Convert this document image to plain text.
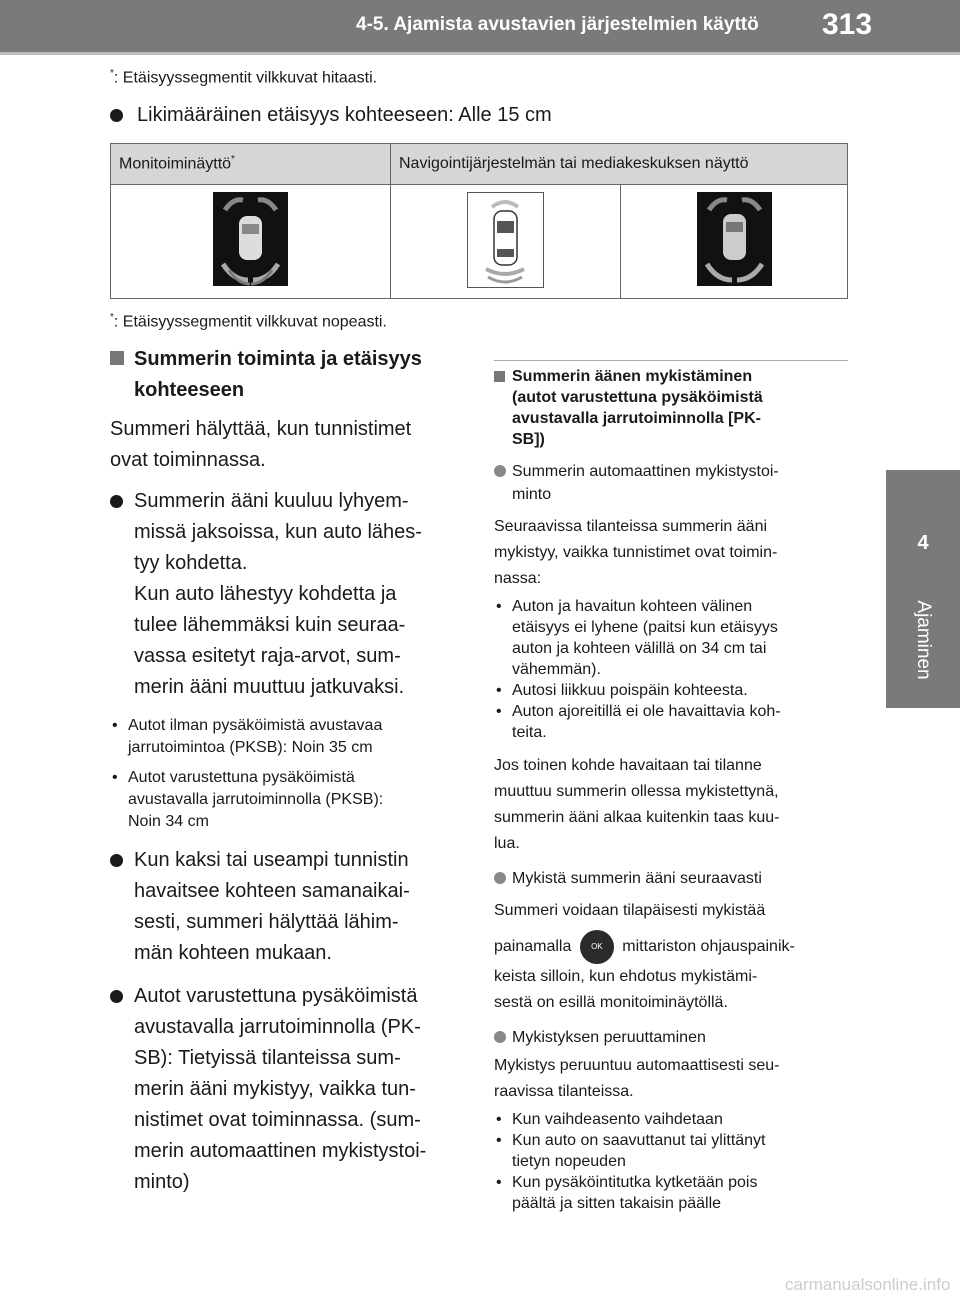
4-5. Ajamista avustavien järjestelmien käyttö 313
4
Ajaminen
*: Etäisyyssegmentit vilkkuvat hitaasti.
Likimääräinen etäisyys kohteeseen: Alle 15 cm
Monitoiminäyttö*	Navigointijärjestelmän tai mediakeskuksen näyttö	

*: Etäisyyssegmentit vilkkuvat nopeasti.
Summerin toiminta ja etäisyys
kohteeseen
Summeri hälyttää, kun tunnistimet
ovat toiminnassa.
Summerin ääni kuuluu lyhyem-
missä jaksoissa, kun auto lähes-
tyy kohdetta.
Kun auto lähestyy kohdetta ja
tulee lähemmäksi kuin seuraa-
vassa esitetyt raja-arvot, sum-
merin ääni muuttuu jatkuvaksi.
• Autot ilman pysäköimistä avustavaa
jarrutoimintoa (PKSB): Noin 35 cm
• Autot varustettuna pysäköimistä
avustavalla jarrutoiminnolla (PKSB):
Noin 34 cm
Kun kaksi tai useampi tunnistin
havaitsee kohteen samanaikai-
sesti, summeri hälyttää lähim-
män kohteen mukaan.
Autot varustettuna pysäköimistä
avustavalla jarrutoiminnolla (PK-
SB): Tietyissä tilanteissa sum-
merin ääni mykistyy, vaikka tun-
nistimet ovat toiminnassa. (sum-
merin automaattinen mykistystoi-
minto)
Summerin äänen mykistäminen
(autot varustettuna pysäköimistä
avustavalla jarrutoiminnolla [PK-
SB])
Summerin automaattinen mykistystoi-
minto
Seuraavissa tilanteissa summerin ääni
mykistyy, vaikka tunnistimet ovat toimin-
nassa:
• Auton ja havaitun kohteen välinen
etäisyys ei lyhene (paitsi kun etäisyys
auton ja kohteen välillä on 34 cm tai
vähemmän).

• Autosi liikkuu poispäin kohteesta.

• Auton ajoreitillä ei ole havaittavia koh-
teita.
Jos toinen kohde havaitaan tai tilanne
muuttuu summerin ollessa mykistettynä,
summerin ääni alkaa kuitenkin taas kuu-
lua.
Mykistä summerin ääni seuraavasti
Summeri voidaan tilapäisesti mykistää

painamalla OK mittariston ohjauspainik-
keista silloin, kun ehdotus mykistämi-
sestä on esillä monitoiminäytöllä.
Mykistyksen peruuttaminen
Mykistys peruuntuu automaattisesti seu-
raavissa tilanteissa.
• Kun vaihdeasento vaihdetaan

• Kun auto on saavuttanut tai ylittänyt
tietyn nopeuden

• Kun pysäköintitutka kytketään pois
päältä ja sitten takaisin päälle
carmanualsonline.info
